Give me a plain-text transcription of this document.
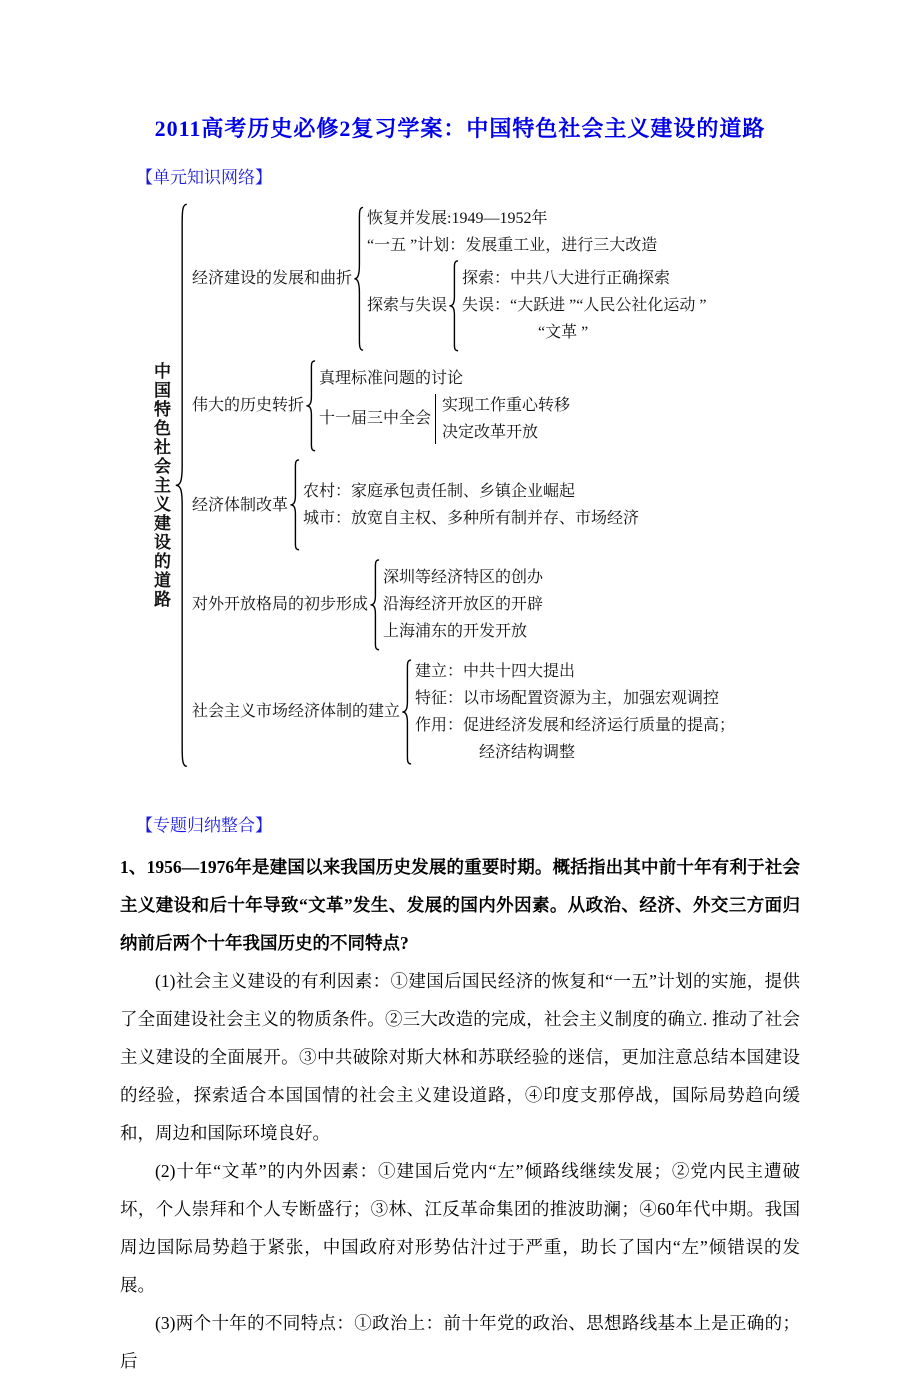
2011高考历史必修2复习学案：中国特色社会主义建设的道路
【单元知识网络】
中国特色社会主义建设的道路
经济建设的发展和曲折
恢复并发展:1949—1952年
“一五 ”计划：发展重工业，进行三大改造
探索与失误
探索：中共八大进行正确探索
失误：“大跃进 ”“人民公社化运动 ”
“文革 ”
伟大的历史转折
真理标准问题的讨论
十一届三中全会
实现工作重心转移
决定改革开放
经济体制改革
农村：家庭承包责任制、乡镇企业崛起
城市：放宽自主权、多种所有制并存、市场经济
对外开放格局的初步形成
深圳等经济特区的创办
沿海经济开放区的开辟
上海浦东的开发开放
社会主义市场经济体制的建立
建立：中共十四大提出
特征：以市场配置资源为主，加强宏观调控
作用：促进经济发展和经济运行质量的提高；
经济结构调整
【专题归纳整合】

1、1956—1976年是建国以来我国历史发展的重要时期。概括指出其中前十年有利于社会主义建设和后十年导致“文革”发生、发展的国内外因素。从政治、经济、外交三方面归纳前后两个十年我国历史的不同特点?

(1)社会主义建设的有利因素：①建国后国民经济的恢复和“一五”计划的实施，提供了全面建设社会主义的物质条件。②三大改造的完成，社会主义制度的确立. 推动了社会主义建设的全面展开。③中共破除对斯大林和苏联经验的迷信，更加注意总结本国建设的经验，探索适合本国国情的社会主义建设道路，④印度支那停战，国际局势趋向缓和，周边和国际环境良好。

(2)十年“文革”的内外因素：①建国后党内“左”倾路线继续发展；②党内民主遭破坏，个人崇拜和个人专断盛行；③林、江反革命集团的推波助澜；④60年代中期。我国周边国际局势趋于紧张，中国政府对形势估汁过于严重，助长了国内“左”倾错误的发展。

(3)两个十年的不同特点：①政治上：前十年党的政治、思想路线基本上是正确的；后
